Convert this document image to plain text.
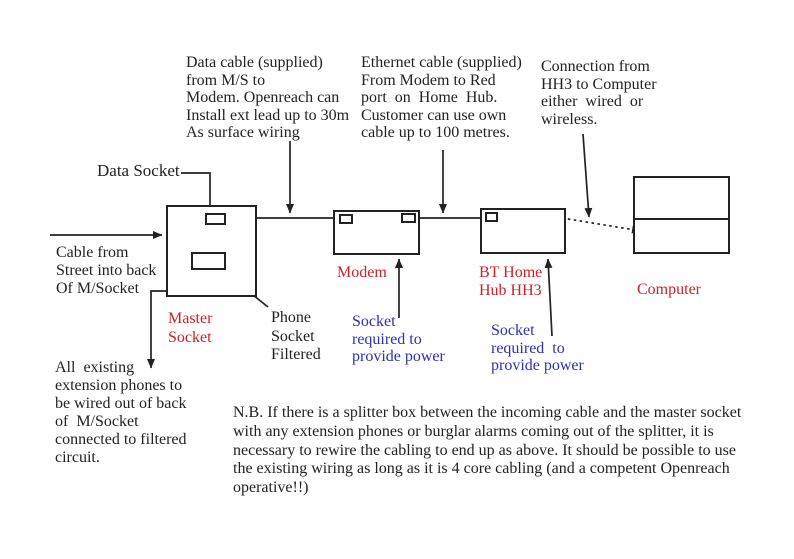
Data cable (supplied)
from M/S to
Modem. Openreach can
Install ext lead up to 30m
As surface wiring
Ethernet cable (supplied)
From Modem to Red
port  on  Home  Hub.
Customer can use own
cable up to 100 metres.
Connection from
HH3 to Computer
either  wired  or
wireless.
Data Socket
Cable from
Street into back
Of M/Socket
Master
Socket
Phone
Socket
Filtered
Modem	BT Home
Hub HH3	Computer
Socket
required to
provide power
Socket
required  to
provide power
All  existing
extension phones to
be wired out of back
of  M/Socket
connected to filtered
circuit.
N.B. If there is a splitter box between the incoming cable and the master socket
with any extension phones or burglar alarms coming out of the splitter, it is
necessary to rewire the cabling to end up as above. It should be possible to use
the existing wiring as long as it is 4 core cabling (and a competent Openreach
operative!!)
